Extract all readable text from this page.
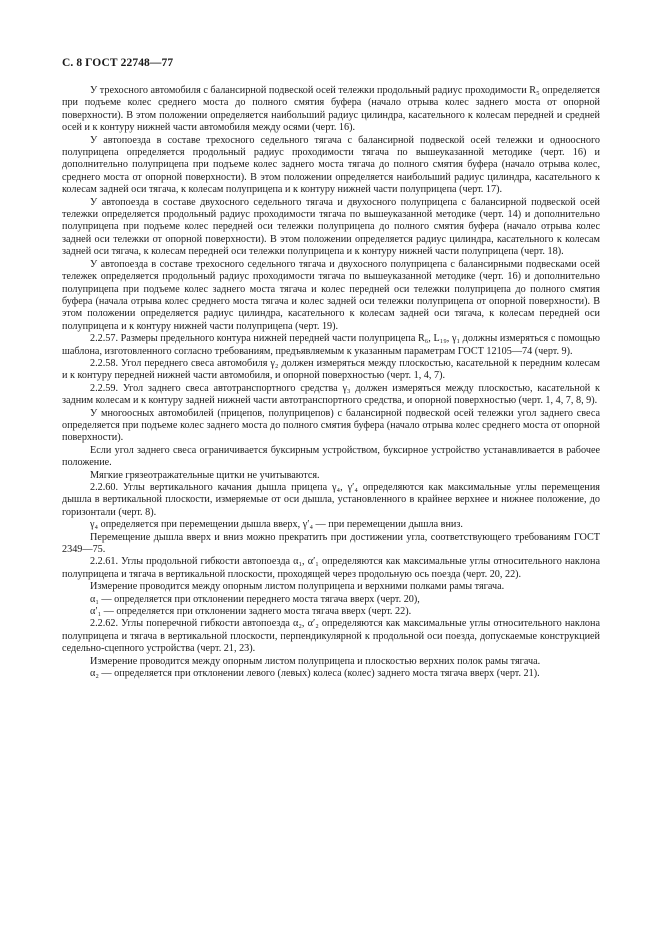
С. 8 ГОСТ 22748—77

У трехосного автомобиля с балансирной подвеской осей тележки продольный радиус проходимости R₅ определяется при подъеме колес среднего моста до полного смятия буфера (начало отрыва колес заднего моста от опорной поверхности). В этом положении определяется наибольший радиус цилиндра, касательного к колесам передней и средней осей и к контуру нижней части автомобиля между осями (черт. 16).

У автопоезда в составе трехосного седельного тягача с балансирной подвеской осей тележки и одноосного полуприцепа определяется продольный радиус проходимости тягача по вышеуказанной методике (черт. 16) и дополнительно полуприцепа при подъеме колес заднего моста тягача до полного смятия буфера (начало отрыва колес, среднего моста от опорной поверхности). В этом положении определяется наибольший радиус цилиндра, касательного к колесам задней оси тягача, к колесам полуприцепа и к контуру нижней части полуприцепа (черт. 17).

У автопоезда в составе двухосного седельного тягача и двухосного полуприцепа с балансирной подвеской осей тележки определяется продольный радиус проходимости тягача по вышеуказанной методике (черт. 14) и дополнительно полуприцепа при подъеме колес передней оси тележки полуприцепа до полного смятия буфера (начало отрыва колес задней оси тележки от опорной поверхности). В этом положении определяется радиус цилиндра, касательного к колесам задней оси тягача, к колесам передней оси тележки полуприцепа и к контуру нижней части полуприцепа (черт. 18).

У автопоезда в составе трехосного седельного тягача и двухосного полуприцепа с балансирными подвесками осей тележек определяется продольный радиус проходимости тягача по вышеуказанной методике (черт. 16) и дополнительно полуприцепа при подъеме колес заднего моста тягача и колес передней оси тележки полуприцепа до полного смятия буфера (начала отрыва колес среднего моста тягача и колес задней оси тележки полуприцепа от опорной поверхности). В этом положении определяется радиус цилиндра, касательного к колесам задней оси тягача, к колесам передней оси полуприцепа и к контуру нижней части полуприцепа (черт. 19).

2.2.57. Размеры предельного контура нижней передней части полуприцепа R₆, L₁₉, γ₁ должны измеряться с помощью шаблона, изготовленного согласно требованиям, предъявляемым к указанным параметрам ГОСТ 12105—74 (черт. 9).

2.2.58. Угол переднего свеса автомобиля γ₂ должен измеряться между плоскостью, касательной к передним колесам и к контуру передней нижней части автомобиля, и опорной поверхностью (черт. 1, 4, 7).

2.2.59. Угол заднего свеса автотранспортного средства γ₃ должен измеряться между плоскостью, касательной к задним колесам и к контуру задней нижней части автотранспортного средства, и опорной поверхностью (черт. 1, 4, 7, 8, 9).

У многоосных автомобилей (прицепов, полуприцепов) с балансирной подвеской осей тележки угол заднего свеса определяется при подъеме колес заднего моста до полного смятия буфера (начало отрыва колес среднего моста от опорной поверхности).

Если угол заднего свеса ограничивается буксирным устройством, буксирное устройство устанавливается в рабочее положение.

Мягкие грязеотражательные щитки не учитываются.

2.2.60. Углы вертикального качания дышла прицепа γ₄, γ′₄ определяются как максимальные углы перемещения дышла в вертикальной плоскости, измеряемые от оси дышла, установленного в крайнее верхнее и нижнее положение, до горизонтали (черт. 8).

γ₄ определяется при перемещении дышла вверх, γ′₄ — при перемещении дышла вниз.

Перемещение дышла вверх и вниз можно прекратить при достижении угла, соответствующего требованиям ГОСТ 2349—75.

2.2.61. Углы продольной гибкости автопоезда α₁, α′₁ определяются как максимальные углы относительного наклона полуприцепа и тягача в вертикальной плоскости, проходящей через продольную ось поезда (черт. 20, 22).

Измерение проводится между опорным листом полуприцепа и верхними полками рамы тягача.

α₁ — определяется при отклонении переднего моста тягача вверх (черт. 20),

α′₁ — определяется при отклонении заднего моста тягача вверх (черт. 22).

2.2.62. Углы поперечной гибкости автопоезда α₂, α′₂ определяются как максимальные углы относительного наклона полуприцепа и тягача в вертикальной плоскости, перпендикулярной к продольной оси поезда, допускаемые конструкцией седельно-сцепного устройства (черт. 21, 23).

Измерение проводится между опорным листом полуприцепа и плоскостью верхних полок рамы тягача.

α₂ — определяется при отклонении левого (левых) колеса (колес) заднего моста тягача вверх (черт. 21).
